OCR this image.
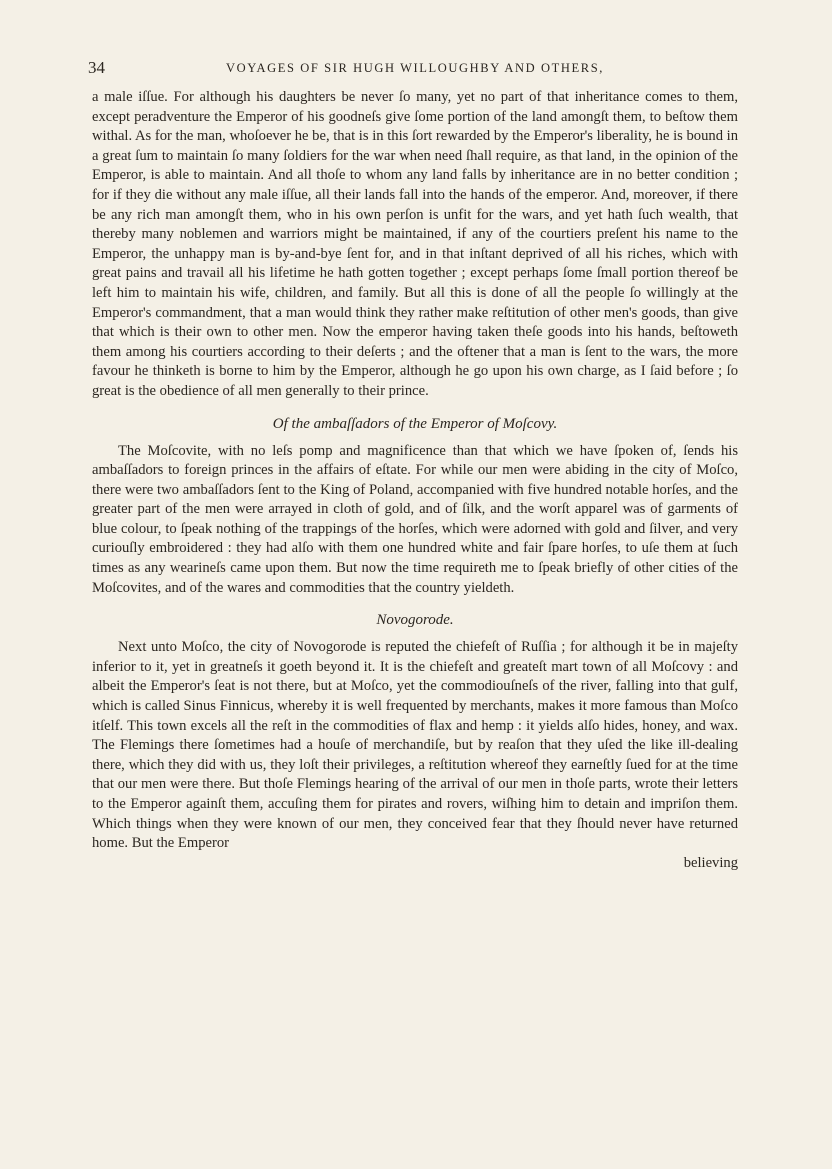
34	VOYAGES OF SIR HUGH WILLOUGHBY AND OTHERS,

a male iſſue. For although his daughters be never ſo many, yet no part of that inheritance comes to them, except peradventure the Emperor of his goodneſs give ſome portion of the land amongſt them, to beſtow them withal. As for the man, whoſoever he be, that is in this ſort rewarded by the Emperor's liberality, he is bound in a great ſum to maintain ſo many ſoldiers for the war when need ſhall require, as that land, in the opinion of the Emperor, is able to maintain. And all thoſe to whom any land falls by inheritance are in no better condition ; for if they die without any male iſſue, all their lands fall into the hands of the emperor. And, moreover, if there be any rich man amongſt them, who in his own perſon is unfit for the wars, and yet hath ſuch wealth, that thereby many noblemen and warriors might be maintained, if any of the courtiers preſent his name to the Emperor, the unhappy man is by-and-bye ſent for, and in that inſtant deprived of all his riches, which with great pains and travail all his lifetime he hath gotten together ; except perhaps ſome ſmall portion thereof be left him to maintain his wife, children, and family. But all this is done of all the people ſo willingly at the Emperor's commandment, that a man would think they rather make reſtitution of other men's goods, than give that which is their own to other men. Now the emperor having taken theſe goods into his hands, beſtoweth them among his courtiers according to their deſerts ; and the oftener that a man is ſent to the wars, the more favour he thinketh is borne to him by the Emperor, although he go upon his own charge, as I ſaid before ; ſo great is the obedience of all men generally to their prince.

Of the ambaſſadors of the Emperor of Moſcovy.

The Moſcovite, with no leſs pomp and magnificence than that which we have ſpoken of, ſends his ambaſſadors to foreign princes in the affairs of eſtate. For while our men were abiding in the city of Moſco, there were two ambaſſadors ſent to the King of Poland, accompanied with five hundred notable horſes, and the greater part of the men were arrayed in cloth of gold, and of ſilk, and the worſt apparel was of garments of blue colour, to ſpeak nothing of the trappings of the horſes, which were adorned with gold and ſilver, and very curiouſly embroidered : they had alſo with them one hundred white and fair ſpare horſes, to uſe them at ſuch times as any wearineſs came upon them. But now the time requireth me to ſpeak briefly of other cities of the Moſcovites, and of the wares and commodities that the country yieldeth.

Novogorode.

Next unto Moſco, the city of Novogorode is reputed the chiefeſt of Ruſſia ; for although it be in majeſty inferior to it, yet in greatneſs it goeth beyond it. It is the chiefeſt and greateſt mart town of all Moſcovy : and albeit the Emperor's ſeat is not there, but at Moſco, yet the commodiouſneſs of the river, falling into that gulf, which is called Sinus Finnicus, whereby it is well frequented by merchants, makes it more famous than Moſco itſelf. This town excels all the reſt in the commodities of flax and hemp : it yields alſo hides, honey, and wax. The Flemings there ſometimes had a houſe of merchandiſe, but by reaſon that they uſed the like ill-dealing there, which they did with us, they loſt their privileges, a reſtitution whereof they earneſtly ſued for at the time that our men were there. But thoſe Flemings hearing of the arrival of our men in thoſe parts, wrote their letters to the Emperor againſt them, accuſing them for pirates and rovers, wiſhing him to detain and impriſon them. Which things when they were known of our men, they conceived fear that they ſhould never have returned home. But the Emperor

believing
